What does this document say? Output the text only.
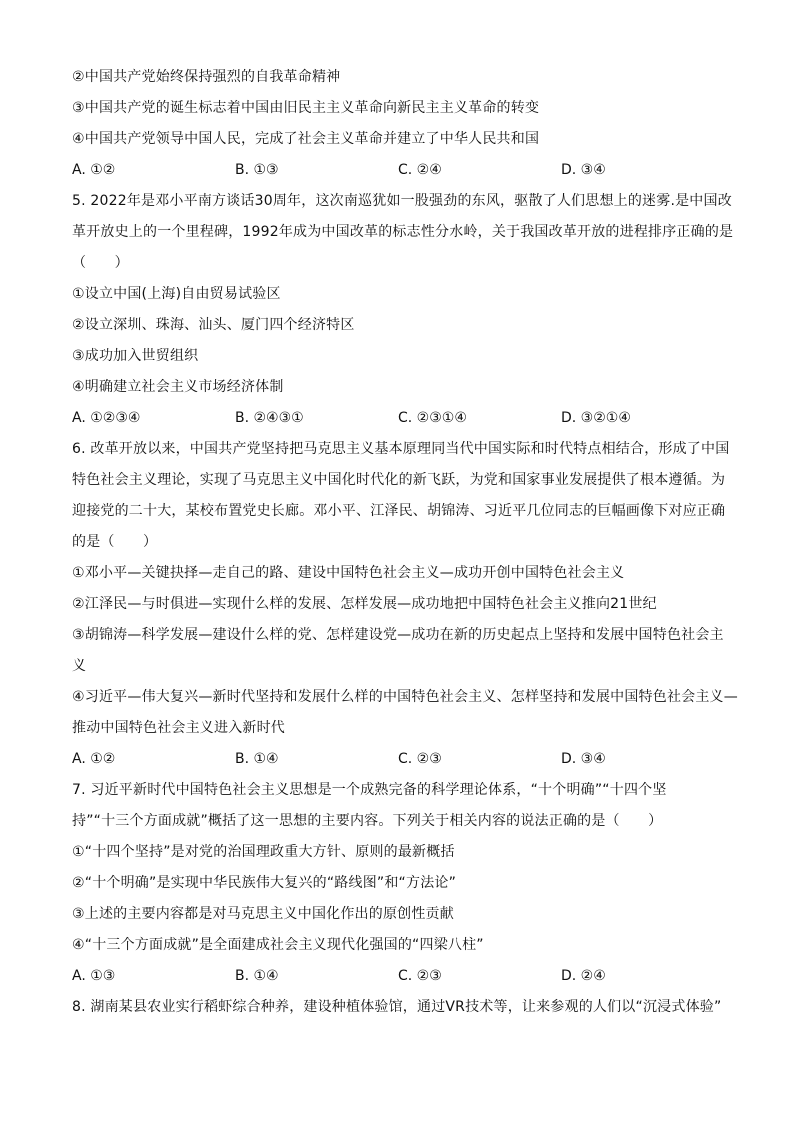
②中国共产党始终保持强烈的自我革命精神
③中国共产党的诞生标志着中国由旧民主主义革命向新民主主义革命的转变
④中国共产党领导中国人民，完成了社会主义革命并建立了中华人民共和国
A. ①②	B. ①③	C. ②④	D. ③④
5. 2022年是邓小平南方谈话30周年，这次南巡犹如一股强劲的东风，驱散了人们思想上的迷雾.是中国改
革开放史上的一个里程碑，1992年成为中国改革的标志性分水岭，关于我国改革开放的进程排序正确的是
（　　）
①设立中国(上海)自由贸易试验区
②设立深圳、珠海、汕头、厦门四个经济特区
③成功加入世贸组织
④明确建立社会主义市场经济体制
A. ①②③④	B. ②④③①	C. ②③①④	D. ③②①④
6. 改革开放以来，中国共产党坚持把马克思主义基本原理同当代中国实际和时代特点相结合，形成了中国
特色社会主义理论，实现了马克思主义中国化时代化的新飞跃，为党和国家事业发展提供了根本遵循。为
迎接党的二十大，某校布置党史长廊。邓小平、江泽民、胡锦涛、习近平几位同志的巨幅画像下对应正确
的是（　　）
①邓小平—关键抉择—走自己的路、建设中国特色社会主义—成功开创中国特色社会主义
②江泽民—与时俱进—实现什么样的发展、怎样发展—成功地把中国特色社会主义推向21世纪
③胡锦涛—科学发展—建设什么样的党、怎样建设党—成功在新的历史起点上坚持和发展中国特色社会主
义
④习近平—伟大复兴—新时代坚持和发展什么样的中国特色社会主义、怎样坚持和发展中国特色社会主义—
推动中国特色社会主义进入新时代
A. ①②	B. ①④	C. ②③	D. ③④
7. 习近平新时代中国特色社会主义思想是一个成熟完备的科学理论体系，“十个明确”“十四个坚
持”“十三个方面成就”概括了这一思想的主要内容。下列关于相关内容的说法正确的是（　　）
①“十四个坚持”是对党的治国理政重大方针、原则的最新概括
②“十个明确”是实现中华民族伟大复兴的“路线图”和“方法论”
③上述的主要内容都是对马克思主义中国化作出的原创性贡献
④“十三个方面成就”是全面建成社会主义现代化强国的“四梁八柱”
A. ①③	B. ①④	C. ②③	D. ②④
8. 湖南某县农业实行稻虾综合种养，建设种植体验馆，通过VR技术等，让来参观的人们以“沉浸式体验”
